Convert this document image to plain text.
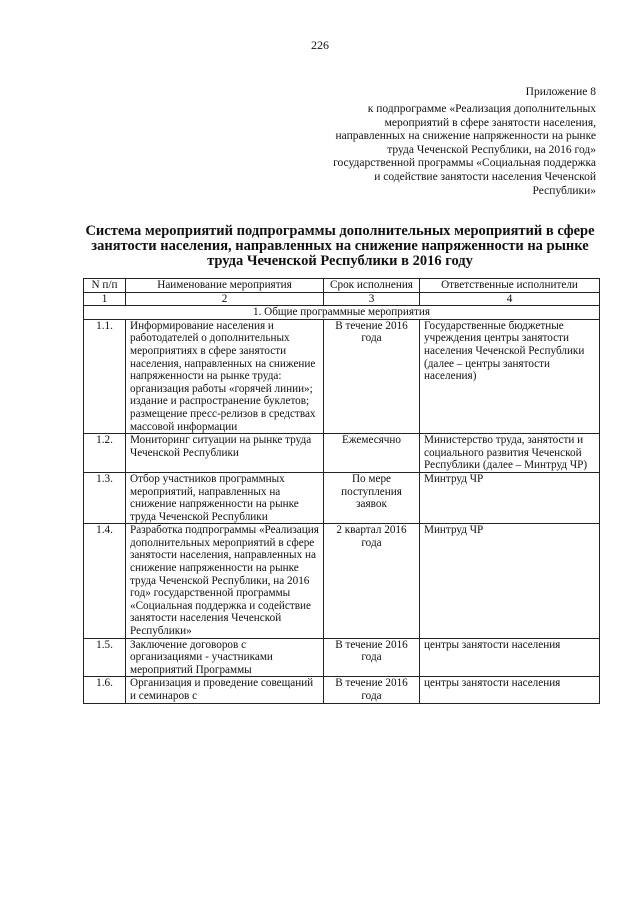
226
Приложение 8
к подпрограмме «Реализация дополнительных мероприятий в сфере занятости населения, направленных на снижение напряженности на рынке труда Чеченской Республики, на 2016 год» государственной программы «Социальная поддержка и содействие занятости населения Чеченской Республики»
Система мероприятий подпрограммы дополнительных мероприятий в сфере занятости населения, направленных на снижение напряженности на рынке труда Чеченской Республики в 2016 году
N п/п	Наименование мероприятия	Срок исполнения	Ответственные исполнители
1	2	3	4
1. Общие программные мероприятия			
1.1.	Информирование населения и работодателей о дополнительных мероприятиях в сфере занятости населения, направленных на снижение напряженности на рынке труда: организация работы «горячей линии»;
издание и распространение буклетов;
размещение пресс-релизов в средствах массовой информации	В течение 2016 года	Государственные бюджетные учреждения центры занятости населения Чеченской Республики (далее – центры занятости населения)
1.2.	Мониторинг ситуации на рынке труда Чеченской Республики	Ежемесячно	Министерство труда, занятости и социального развития Чеченской Республики (далее – Минтруд ЧР)
1.3.	Отбор участников программных мероприятий, направленных на снижение напряженности на рынке труда Чеченской Республики	По мере поступления заявок	Минтруд ЧР
1.4.	Разработка подпрограммы «Реализация дополнительных мероприятий в сфере занятости населения, направленных на снижение напряженности на рынке труда Чеченской Республики, на 2016 год» государственной программы «Социальная поддержка и содействие занятости населения Чеченской Республики»	2 квартал 2016 года	Минтруд ЧР
1.5.	Заключение договоров с организациями - участниками мероприятий Программы	В течение 2016 года	центры занятости населения
1.6.	Организация и проведение совещаний и семинаров с	В течение 2016 года	центры занятости населения
